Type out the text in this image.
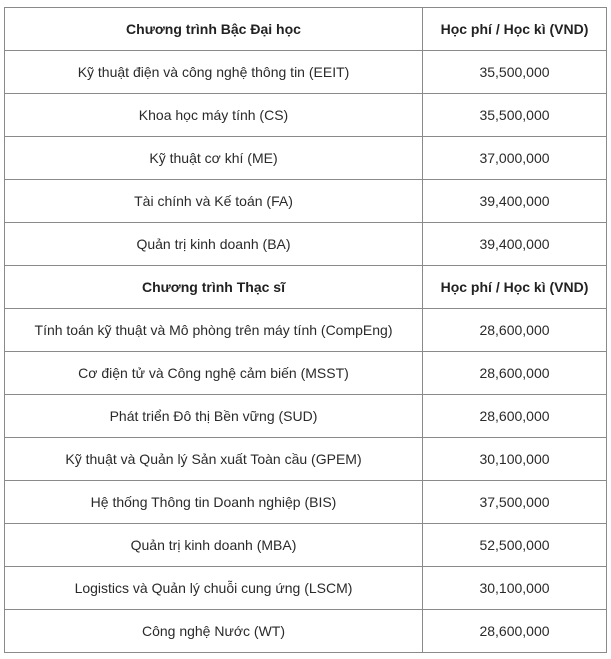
Chương trình Bậc Đại học	Học phí / Học kì (VND)
Kỹ thuật điện và công nghệ thông tin (EEIT)	35,500,000
Khoa học máy tính (CS)	35,500,000
Kỹ thuật cơ khí (ME)	37,000,000
Tài chính và Kế toán (FA)	39,400,000
Quản trị kinh doanh (BA)	39,400,000
Chương trình Thạc sĩ	Học phí / Học kì (VND)
Tính toán kỹ thuật và Mô phòng trên máy tính (CompEng)	28,600,000
Cơ điện tử và Công nghệ cảm biến (MSST)	28,600,000
Phát triển Đô thị Bền vững (SUD)	28,600,000
Kỹ thuật và Quản lý Sản xuất Toàn cầu (GPEM)	30,100,000
Hệ thống Thông tin Doanh nghiệp (BIS)	37,500,000
Quản trị kinh doanh (MBA)	52,500,000
Logistics và Quản lý chuỗi cung ứng (LSCM)	30,100,000
Công nghệ Nước (WT)	28,600,000
